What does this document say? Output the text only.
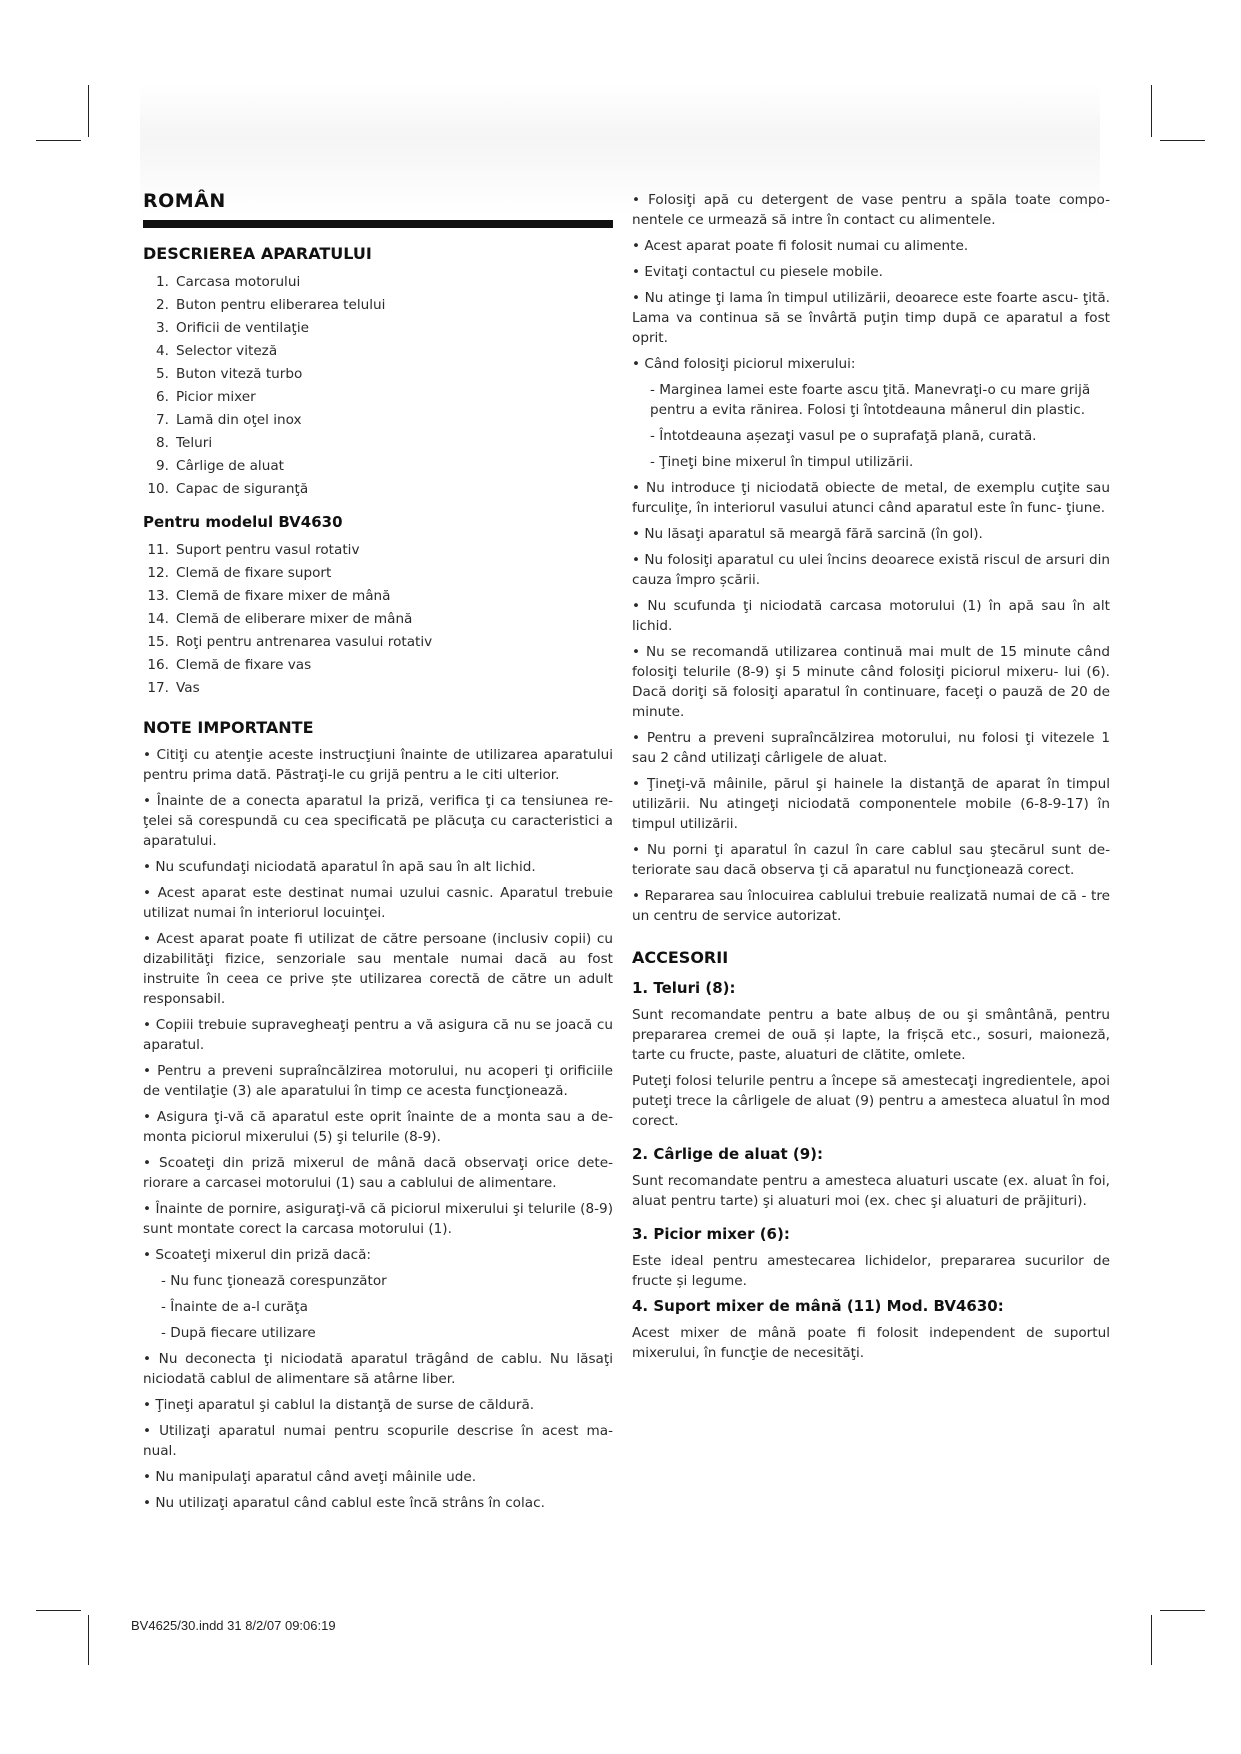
ROMÂN
DESCRIEREA APARATULUI
1. Carcasa motorului
2. Buton pentru eliberarea telului
3. Orificii de ventilaţie
4. Selector viteză
5. Buton viteză turbo
6. Picior mixer
7. Lamă din oţel inox
8. Teluri
9. Cârlige de aluat
10. Capac de siguranţă
Pentru modelul BV4630
11. Suport pentru vasul rotativ
12. Clemă de fixare suport
13. Clemă de fixare mixer de mână
14. Clemă de eliberare mixer de mână
15. Roţi pentru antrenarea vasului rotativ
16. Clemă de fixare vas
17. Vas
NOTE IMPORTANTE

• Citiţi cu atenţie aceste instrucţiuni înainte de utilizarea aparatului pentru prima dată. Păstraţi-le cu grijă pentru a le citi ulterior.

• Înainte de a conecta aparatul la priză, verifica ţi ca tensiunea re- ţelei să corespundă cu cea specificată pe plăcuţa cu caracteristici a aparatului.

• Nu scufundaţi niciodată aparatul în apă sau în alt lichid.

• Acest aparat este destinat numai uzului casnic. Aparatul trebuie utilizat numai în interiorul locuinţei.

• Acest aparat poate fi utilizat de către persoane (inclusiv copii) cu dizabilităţi fizice, senzoriale sau mentale numai dacă au fost instruite în ceea ce prive ște utilizarea corectă de către un adult responsabil.

• Copiii trebuie supravegheaţi pentru a vă asigura că nu se joacă cu aparatul.

• Pentru a preveni supraîncălzirea motorului, nu acoperi ţi orificiile de ventilaţie (3) ale aparatului în timp ce acesta funcţionează.

• Asigura ţi-vă că aparatul este oprit înainte de a monta sau a de- monta piciorul mixerului (5) şi telurile (8-9).

• Scoateţi din priză mixerul de mână dacă observaţi orice dete- riorare a carcasei motorului (1) sau a cablului de alimentare.

• Înainte de pornire, asiguraţi-vă că piciorul mixerului şi telurile (8-9) sunt montate corect la carcasa motorului (1).

• Scoateţi mixerul din priză dacă:

- Nu func ţionează corespunzător

- Înainte de a-l curăţa

- După fiecare utilizare

• Nu deconecta ţi niciodată aparatul trăgând de cablu. Nu lăsaţi niciodată cablul de alimentare să atârne liber.

• Ţineţi aparatul şi cablul la distanţă de surse de căldură.

• Utilizaţi aparatul numai pentru scopurile descrise în acest ma- nual.

• Nu manipulaţi aparatul când aveţi mâinile ude.

• Nu utilizaţi aparatul când cablul este încă strâns în colac.

• Folosiţi apă cu detergent de vase pentru a spăla toate compo- nentele ce urmează să intre în contact cu alimentele.

• Acest aparat poate fi folosit numai cu alimente.

• Evitaţi contactul cu piesele mobile.

• Nu atinge ţi lama în timpul utilizării, deoarece este foarte ascu- ţită. Lama va continua să se învârtă puţin timp după ce aparatul a fost oprit.

• Când folosiţi piciorul mixerului:

- Marginea lamei este foarte ascu ţită. Manevraţi-o cu mare grijă pentru a evita rănirea. Folosi ţi întotdeauna mânerul din plastic.

- Întotdeauna așezaţi vasul pe o suprafaţă plană, curată.

- Ţineţi bine mixerul în timpul utilizării.

• Nu introduce ţi niciodată obiecte de metal, de exemplu cuţite sau furculiţe, în interiorul vasului atunci când aparatul este în func- ţiune.

• Nu lăsaţi aparatul să meargă fără sarcină (în gol).

• Nu folosiţi aparatul cu ulei încins deoarece există riscul de arsuri din cauza împro șcării.

• Nu scufunda ţi niciodată carcasa motorului (1) în apă sau în alt lichid.

• Nu se recomandă utilizarea continuă mai mult de 15 minute când folosiţi telurile (8-9) şi 5 minute când folosiţi piciorul mixeru- lui (6). Dacă doriţi să folosiţi aparatul în continuare, faceţi o pauză de 20 de minute.

• Pentru a preveni supraîncălzirea motorului, nu folosi ţi vitezele 1 sau 2 când utilizaţi cârligele de aluat.

• Ţineţi-vă mâinile, părul şi hainele la distanţă de aparat în timpul utilizării. Nu atingeţi niciodată componentele mobile (6-8-9-17) în timpul utilizării.

• Nu porni ţi aparatul în cazul în care cablul sau ştecărul sunt de- teriorate sau dacă observa ţi că aparatul nu funcţionează corect.

• Repararea sau înlocuirea cablului trebuie realizată numai de că - tre un centru de service autorizat.

ACCESORII
1. Teluri (8):

Sunt recomandate pentru a bate albuș de ou şi smântână, pentru prepararea cremei de ouă și lapte, la frișcă etc., sosuri, maioneză, tarte cu fructe, paste, aluaturi de clătite, omlete.

Puteţi folosi telurile pentru a începe să amestecaţi ingredientele, apoi puteţi trece la cârligele de aluat (9) pentru a amesteca aluatul în mod corect.

2. Cârlige de aluat (9):

Sunt recomandate pentru a amesteca aluaturi uscate (ex. aluat în foi, aluat pentru tarte) şi aluaturi moi (ex. chec şi aluaturi de prăjituri).

3. Picior mixer (6):

Este ideal pentru amestecarea lichidelor, prepararea sucurilor de fructe și legume.

4. Suport mixer de mână (11) Mod. BV4630:

Acest mixer de mână poate fi folosit independent de suportul mixerului, în funcţie de necesităţi.

BV4625/30.indd 31 8/2/07 09:06:19
